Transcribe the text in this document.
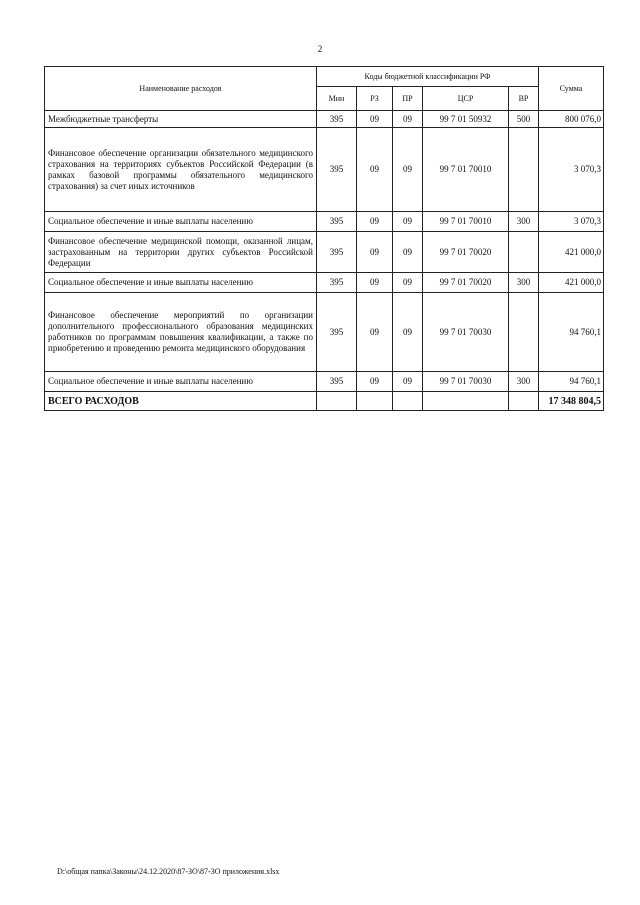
2
Наименование расходов	Коды бюджетной классификации РФ					Сумма
	Мин	РЗ	ПР	ЦСР	ВР	
Межбюджетные трансферты	395	09	09	99 7 01 50932	500	800 076,0
Финансовое обеспечение организации обязательного медицинского страхования на территориях субъектов Российской Федерации (в рамках базовой программы обязательного медицинского страхования) за счет иных источников	395	09	09	99 7 01 70010		3 070,3
Социальное обеспечение и иные выплаты населению	395	09	09	99 7 01 70010	300	3 070,3
Финансовое обеспечение медицинской помощи, оказанной лицам, застрахованным на территории других субъектов Российской Федерации	395	09	09	99 7 01 70020		421 000,0
Социальное обеспечение и иные выплаты населению	395	09	09	99 7 01 70020	300	421 000,0
Финансовое обеспечение мероприятий по организации дополнительного профессионального образования медицинских работников по программам повышения квалификации, а также по приобретению и проведению ремонта медицинского оборудования	395	09	09	99 7 01 70030		94 760,1
Социальное обеспечение и иные выплаты населению	395	09	09	99 7 01 70030	300	94 760,1
ВСЕГО РАСХОДОВ						17 348 804,5
D:\общая папка\Законы\24.12.2020\87-ЗО\87-ЗО приложения.xlsx
